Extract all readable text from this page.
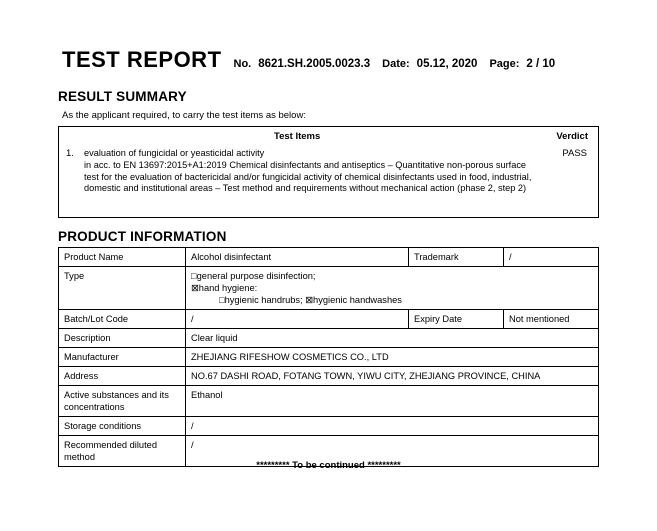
TEST REPORT No. 8621.SH.2005.0023.3 Date: 05.12, 2020 Page: 2 / 10
RESULT SUMMARY
As the applicant required, to carry the test items as below:
Test Items	Verdict
1. evaluation of fungicidal or yeasticidal activity
in acc. to EN 13697:2015+A1:2019 Chemical disinfectants and antiseptics – Quantitative non-porous surface test for the evaluation of bactericidal and/or fungicidal activity of chemical disinfectants used in food, industrial, domestic and institutional areas – Test method and requirements without mechanical action (phase 2, step 2)
PASS
PRODUCT INFORMATION
Product Name	Alcohol disinfectant	Trademark	/
Type	□general purpose disinfection;
⊠hand hygiene:
□hygienic handrubs; ⊠hygienic handwashes		

Batch/Lot Code	/	Expiry Date	Not mentioned
Description	Clear liquid		
Manufacturer	ZHEJIANG RIFESHOW COSMETICS CO., LTD		
Address	NO.67 DASHI ROAD, FOTANG TOWN, YIWU CITY, ZHEJIANG PROVINCE, CHINA		
Active substances and its concentrations	Ethanol		
Storage conditions	/		
Recommended diluted method	/		
********* To be continued *********
